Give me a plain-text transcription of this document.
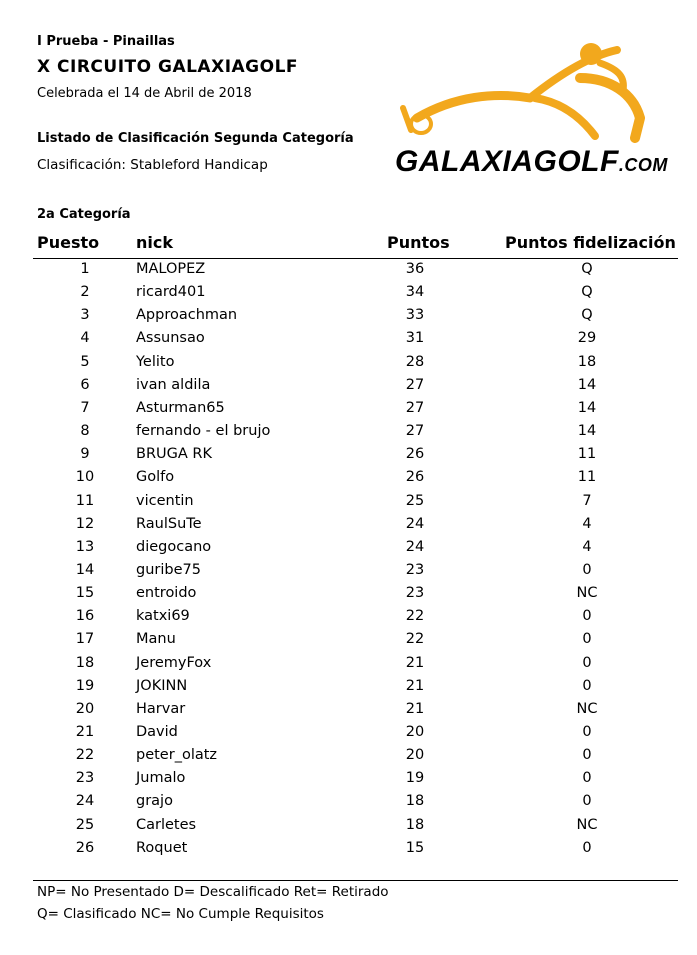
I Prueba - Pinaillas
X CIRCUITO GALAXIAGOLF
Celebrada el 14 de Abril de 2018
Listado de Clasificación Segunda Categoría
Clasificación: Stableford Handicap	GALAXIAGOLF.COM
2a Categoría
Puesto nick	Puntos	Puntos fidelización
1	MALOPEZ	36	Q
2	ricard401	34	Q
3	Approachman	33	Q
4	Assunsao	31	29
5	Yelito	28	18
6	ivan aldila	27	14
7	Asturman65	27	14
8	fernando - el brujo	27	14
9	BRUGA RK	26	11
10	Golfo	26	11
11	vicentin	25	7
12	RaulSuTe	24	4
13	diegocano	24	4
14	guribe75	23	0
15	entroido	23	NC
16	katxi69	22	0
17	Manu	22	0
18	JeremyFox	21	0
19	JOKINN	21	0
20	Harvar	21	NC
21	David	20	0
22	peter_olatz	20	0
23	Jumalo	19	0
24	grajo	18	0
25	Carletes	18	NC
26	Roquet	15	0
NP= No Presentado D= Descalificado Ret= Retirado
Q= Clasificado NC= No Cumple Requisitos
